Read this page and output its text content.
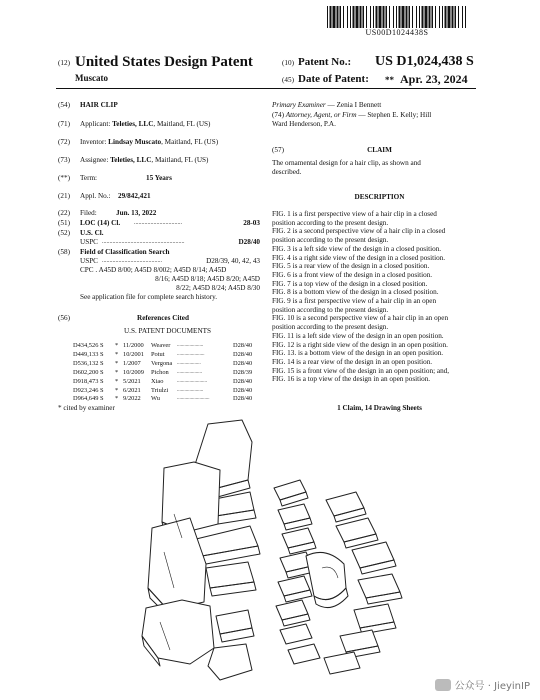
US00D1024438S
(12) United States Design Patent
Muscato
(10) Patent No.: US D1,024,438 S
(45) Date of Patent: ** Apr. 23, 2024
(54) HAIR CLIP
(71) Applicant: Teleties, LLC, Maitland, FL (US)
(72) Inventor: Lindsay Muscato, Maitland, FL (US)
(73) Assignee: Teleties, LLC, Maitland, FL (US)
(**) Term:	15 Years
(21) Appl. No.: 29/842,421
(22) Filed:	Jun. 13, 2022
(51) LOC (14) Cl. ................................	28-03
(52) U.S. Cl.
USPC .......................................................	D28/40
(58) Field of Classification Search
USPC ........................................	D28/39, 40, 42, 43
CPC . A45D 8/00; A45D 8/002; A45D 8/14; A45D
8/16; A45D 8/18; A45D 8/20; A45D
8/22; A45D 8/24; A45D 8/30
See application file for complete search history.
(56)	References Cited
U.S. PATENT DOCUMENTS
D434,526 S * 11/2000 Weaver .....................	D28/40
D449,133 S * 10/2001 Potut	......................	D28/40
D536,132 S * 1/2007 Vergona ...................	D28/40
D602,200 S * 10/2009 Pichon ....................	D28/39
D918,473 S * 5/2021 Xiao	........................	D28/40
D923,246 S * 6/2021 Triulzi .....................	D28/40
D964,649 S * 9/2022 Wu	..........................	D28/40
* cited by examiner
Primary Examiner — Zenia I Bennett
(74) Attorney, Agent, or Firm — Stephen E. Kelly; Hill
Ward Henderson, P.A.
(57)	CLAIM
The ornamental design for a hair clip, as shown and
described.
DESCRIPTION

FIG. 1 is a first perspective view of a hair clip in a closed

position according to the present design.

FIG. 2 is a second perspective view of a hair clip in a closed

position according to the present design.

FIG. 3 is a left side view of the design in a closed position.

FIG. 4 is a right side view of the design in a closed position.

FIG. 5 is a rear view of the design in a closed position.

FIG. 6 is a front view of the design in a closed position.

FIG. 7 is a top view of the design in a closed position.

FIG. 8 is a bottom view of the design in a closed position.

FIG. 9 is a first perspective view of a hair clip in an open

position according to the present design.

FIG. 10 is a second perspective view of a hair clip in an open

position according to the present design.

FIG. 11 is a left side view of the design in an open position.

FIG. 12 is a right side view of the design in an open position.

FIG. 13. is a bottom view of the design in an open position.

FIG. 14 is a rear view of the design in an open position.

FIG. 15 is a front view of the design in an open position; and,

FIG. 16 is a top view of the design in an open position.

1 Claim, 14 Drawing Sheets
公众号 · JieyinIP
